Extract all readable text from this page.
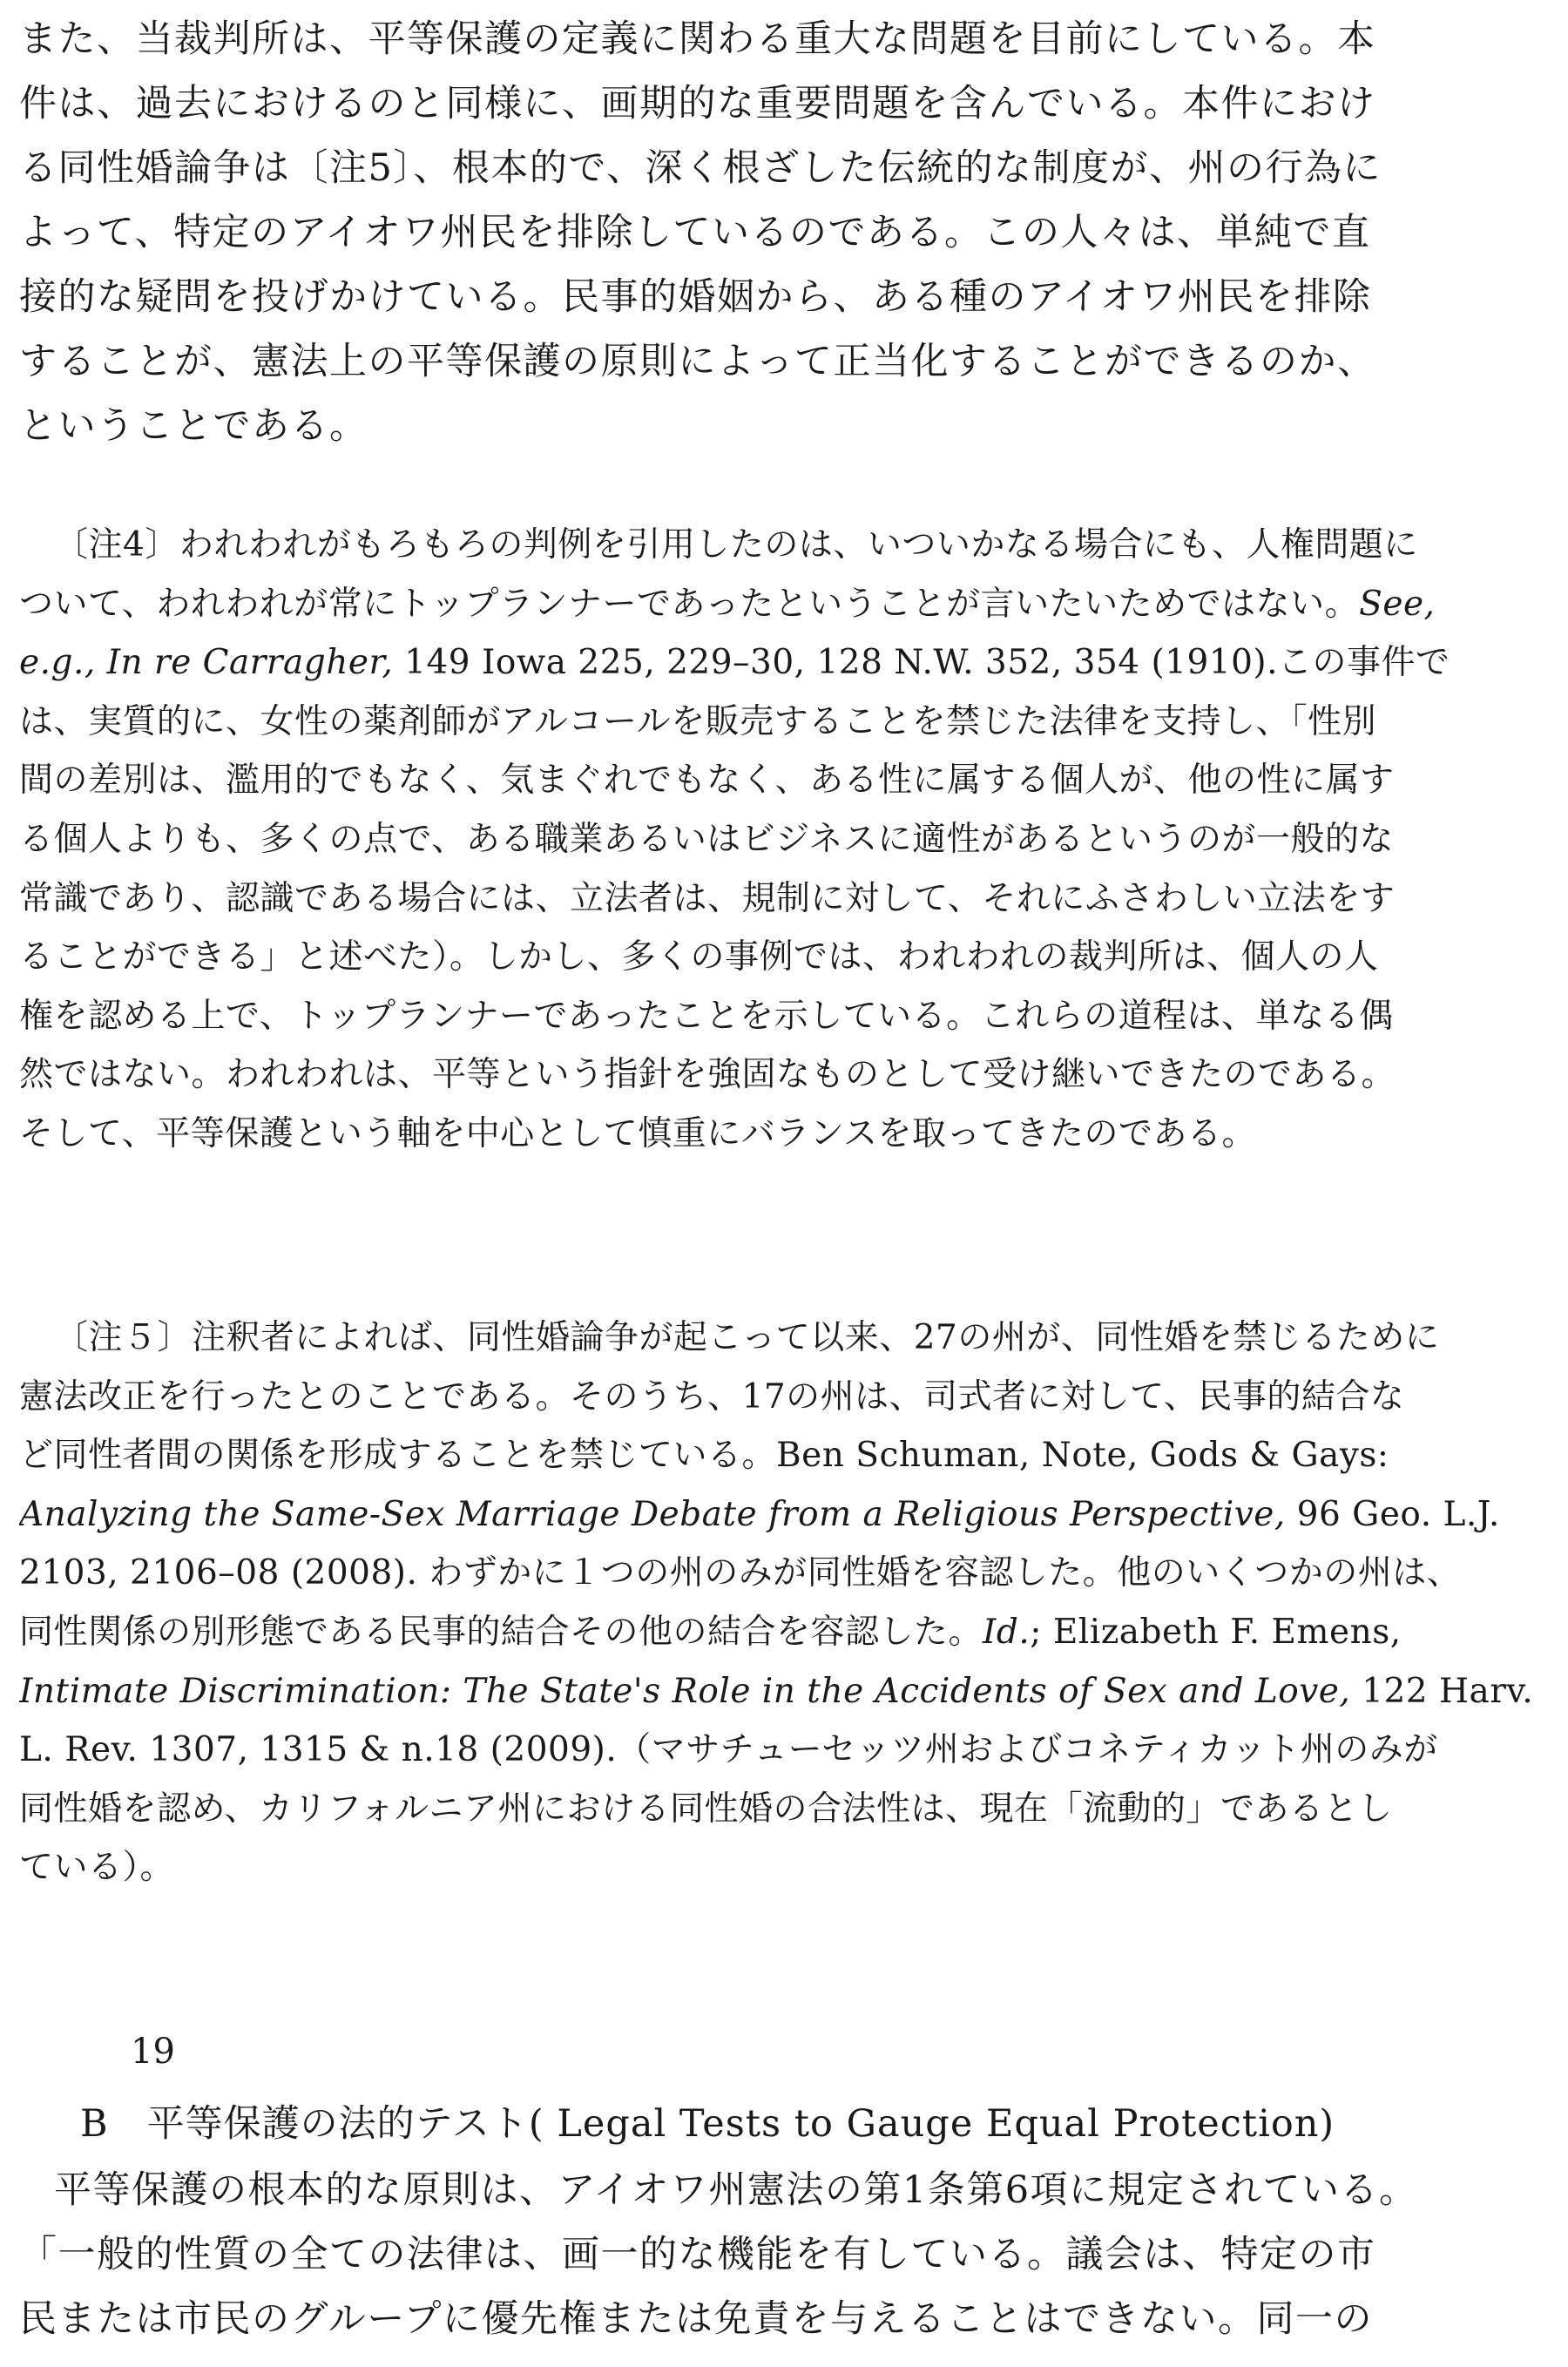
また、当裁判所は、平等保護の定義に関わる重大な問題を目前にしている。本
件は、過去におけるのと同様に、画期的な重要問題を含んでいる。本件におけ
る同性婚論争は〔注5〕、根本的で、深く根ざした伝統的な制度が、州の行為に
よって、特定のアイオワ州民を排除しているのである。この人々は、単純で直
接的な疑問を投げかけている。民事的婚姻から、ある種のアイオワ州民を排除
することが、憲法上の平等保護の原則によって正当化することができるのか、
ということである。
〔注4〕われわれがもろもろの判例を引用したのは、いついかなる場合にも、人権問題に
ついて、われわれが常にトップランナーであったということが言いたいためではない。See,
e.g., In re Carragher, 149 Iowa 225, 229–30, 128 N.W. 352, 354 (1910).この事件で
は、実質的に、女性の薬剤師がアルコールを販売することを禁じた法律を支持し、「性別
間の差別は、濫用的でもなく、気まぐれでもなく、ある性に属する個人が、他の性に属す
る個人よりも、多くの点で、ある職業あるいはビジネスに適性があるというのが一般的な
常識であり、認識である場合には、立法者は、規制に対して、それにふさわしい立法をす
ることができる」と述べた）。しかし、多くの事例では、われわれの裁判所は、個人の人
権を認める上で、トップランナーであったことを示している。これらの道程は、単なる偶
然ではない。われわれは、平等という指針を強固なものとして受け継いできたのである。
そして、平等保護という軸を中心として慎重にバランスを取ってきたのである。
〔注５〕注釈者によれば、同性婚論争が起こって以来、27の州が、同性婚を禁じるために
憲法改正を行ったとのことである。そのうち、17の州は、司式者に対して、民事的結合な
ど同性者間の関係を形成することを禁じている。Ben Schuman, Note, Gods & Gays:
Analyzing the Same-Sex Marriage Debate from a Religious Perspective, 96 Geo. L.J.
2103, 2106–08 (2008). わずかに１つの州のみが同性婚を容認した。他のいくつかの州は、
同性関係の別形態である民事的結合その他の結合を容認した。Id.; Elizabeth F. Emens,
Intimate Discrimination: The State's Role in the Accidents of Sex and Love, 122 Harv.
L. Rev. 1307, 1315 & n.18 (2009).（マサチューセッツ州およびコネティカット州のみが
同性婚を認め、カリフォルニア州における同性婚の合法性は、現在「流動的」であるとし
ている）。
19
B　平等保護の法的テスト( Legal Tests to Gauge Equal Protection)
平等保護の根本的な原則は、アイオワ州憲法の第1条第6項に規定されている。
「一般的性質の全ての法律は、画一的な機能を有している。議会は、特定の市
民または市民のグループに優先権または免責を与えることはできない。同一の
